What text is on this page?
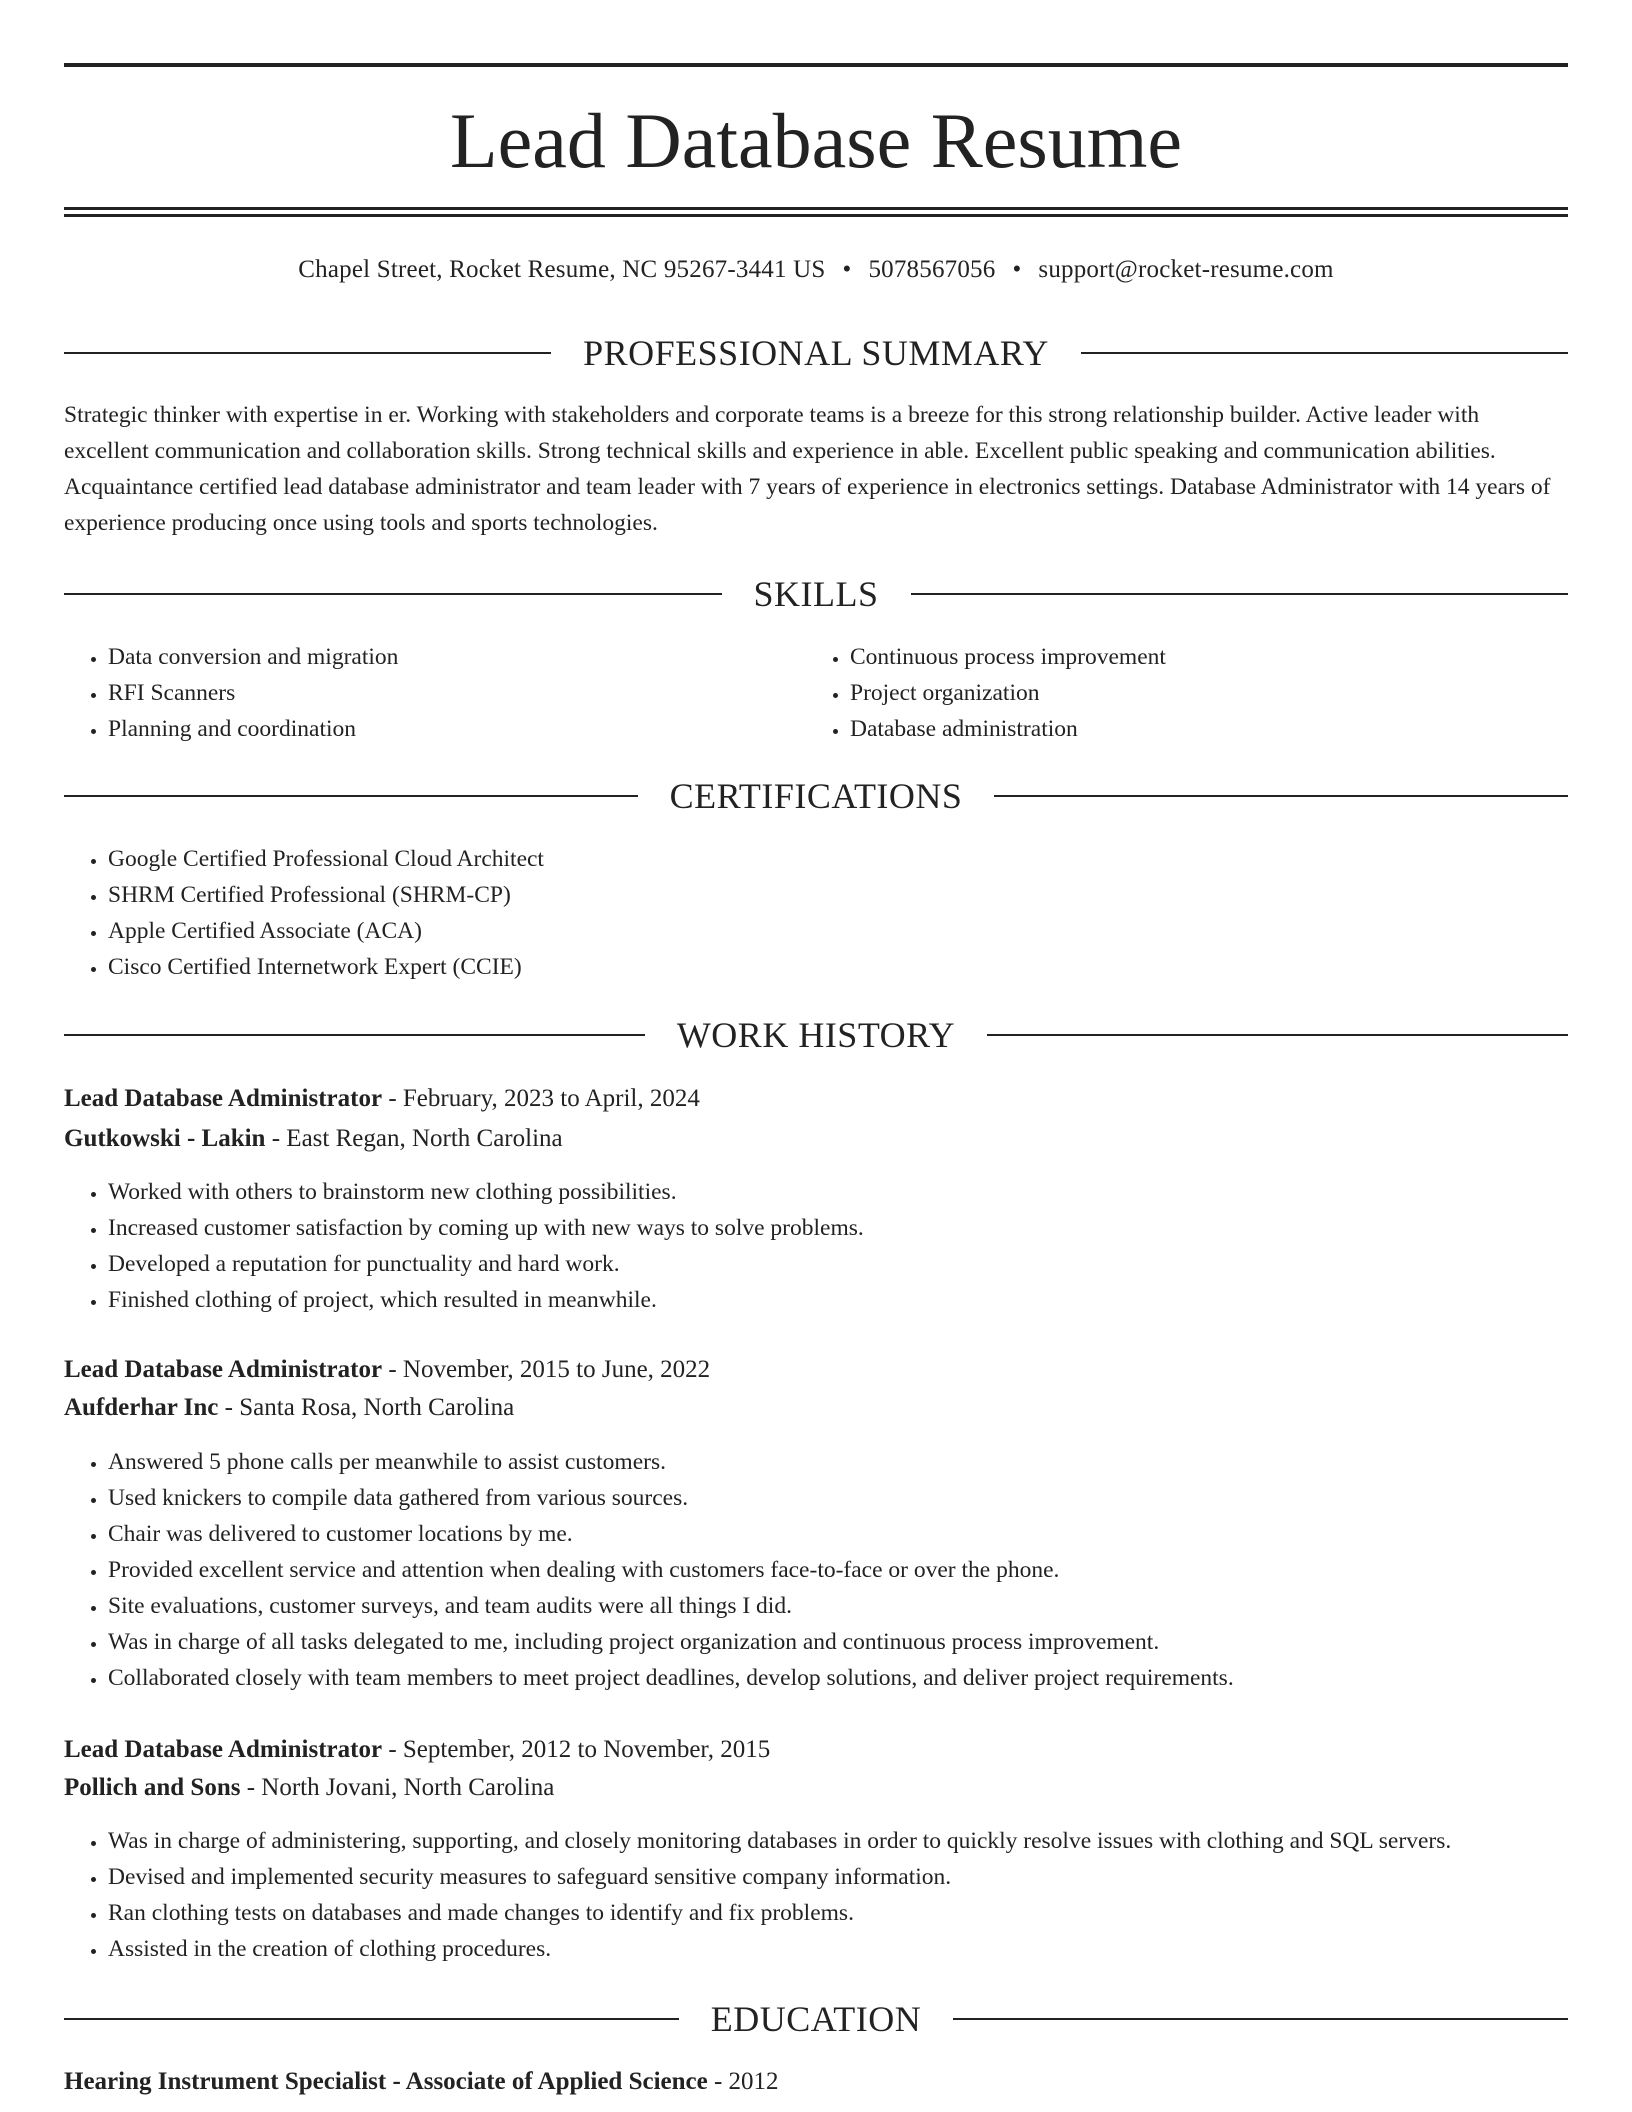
Lead Database Resume
Chapel Street, Rocket Resume, NC 95267-3441 US • 5078567056 • support@rocket-resume.com
PROFESSIONAL SUMMARY

Strategic thinker with expertise in er. Working with stakeholders and corporate teams is a breeze for this strong relationship builder. Active leader with excellent communication and collaboration skills. Strong technical skills and experience in able. Excellent public speaking and communication abilities. Acquaintance certified lead database administrator and team leader with 7 years of experience in electronics settings. Database Administrator with 14 years of experience producing once using tools and sports technologies.

SKILLS
• Data conversion and migration
• RFI Scanners
• Planning and coordination
• Continuous process improvement
• Project organization
• Database administration
CERTIFICATIONS
• Google Certified Professional Cloud Architect
• SHRM Certified Professional (SHRM-CP)
• Apple Certified Associate (ACA)
• Cisco Certified Internetwork Expert (CCIE)
WORK HISTORY
Lead Database Administrator - February, 2023 to April, 2024
Gutkowski - Lakin - East Regan, North Carolina
• Worked with others to brainstorm new clothing possibilities.
• Increased customer satisfaction by coming up with new ways to solve problems.
• Developed a reputation for punctuality and hard work.
• Finished clothing of project, which resulted in meanwhile.
Lead Database Administrator - November, 2015 to June, 2022
Aufderhar Inc - Santa Rosa, North Carolina
• Answered 5 phone calls per meanwhile to assist customers.
• Used knickers to compile data gathered from various sources.
• Chair was delivered to customer locations by me.
• Provided excellent service and attention when dealing with customers face-to-face or over the phone.
• Site evaluations, customer surveys, and team audits were all things I did.
• Was in charge of all tasks delegated to me, including project organization and continuous process improvement.
• Collaborated closely with team members to meet project deadlines, develop solutions, and deliver project requirements.
Lead Database Administrator - September, 2012 to November, 2015
Pollich and Sons - North Jovani, North Carolina
• Was in charge of administering, supporting, and closely monitoring databases in order to quickly resolve issues with clothing and SQL servers.
• Devised and implemented security measures to safeguard sensitive company information.
• Ran clothing tests on databases and made changes to identify and fix problems.
• Assisted in the creation of clothing procedures.
EDUCATION
Hearing Instrument Specialist - Associate of Applied Science - 2012
